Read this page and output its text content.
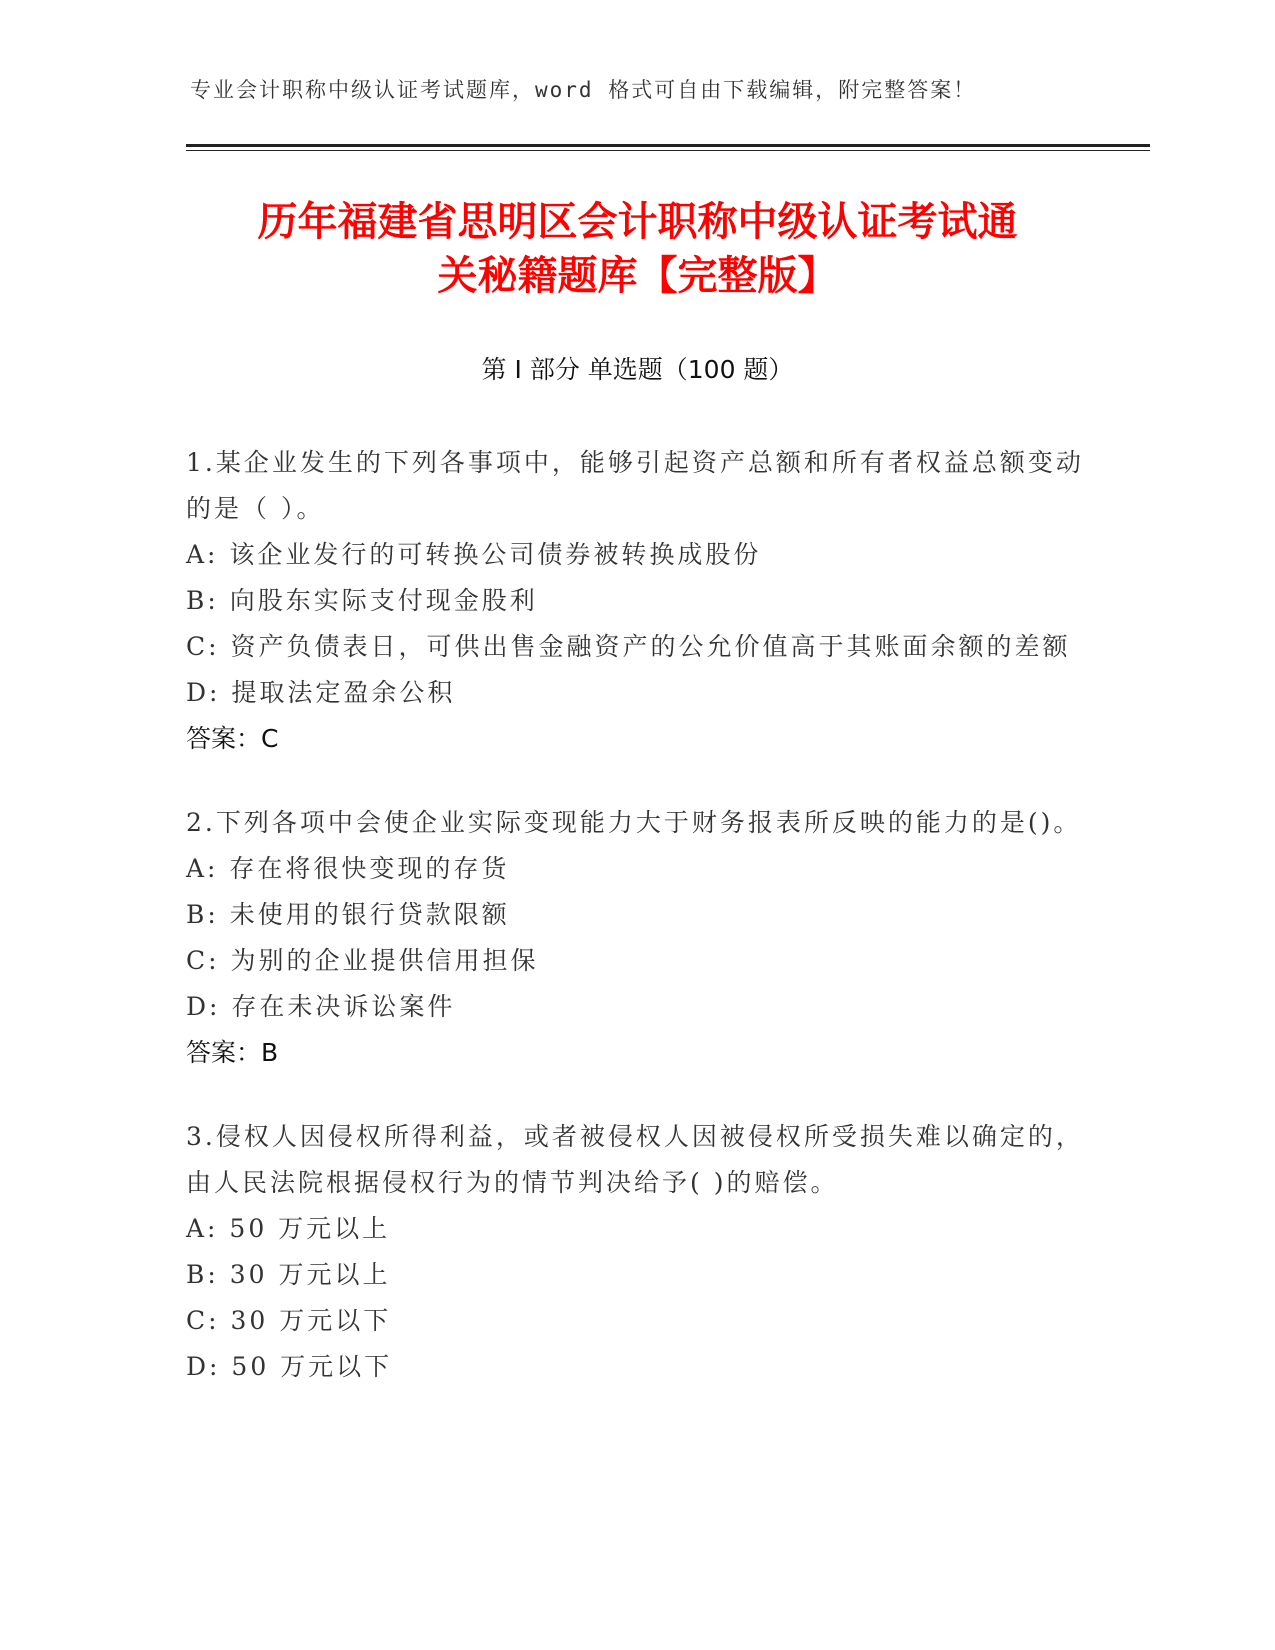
专业会计职称中级认证考试题库，word 格式可自由下载编辑，附完整答案！
历年福建省思明区会计职称中级认证考试通
关秘籍题库【完整版】
第 I 部分 单选题（100 题）
1.某企业发生的下列各事项中，能够引起资产总额和所有者权益总额变动的是（ ）。
A: 该企业发行的可转换公司债券被转换成股份
B: 向股东实际支付现金股利
C: 资产负债表日，可供出售金融资产的公允价值高于其账面余额的差额
D: 提取法定盈余公积
答案：C
2.下列各项中会使企业实际变现能力大于财务报表所反映的能力的是()。
A: 存在将很快变现的存货
B: 未使用的银行贷款限额
C: 为别的企业提供信用担保
D: 存在未决诉讼案件
答案：B
3.侵权人因侵权所得利益，或者被侵权人因被侵权所受损失难以确定的，由人民法院根据侵权行为的情节判决给予( )的赔偿。
A: 50 万元以上
B: 30 万元以上
C: 30 万元以下
D: 50 万元以下
